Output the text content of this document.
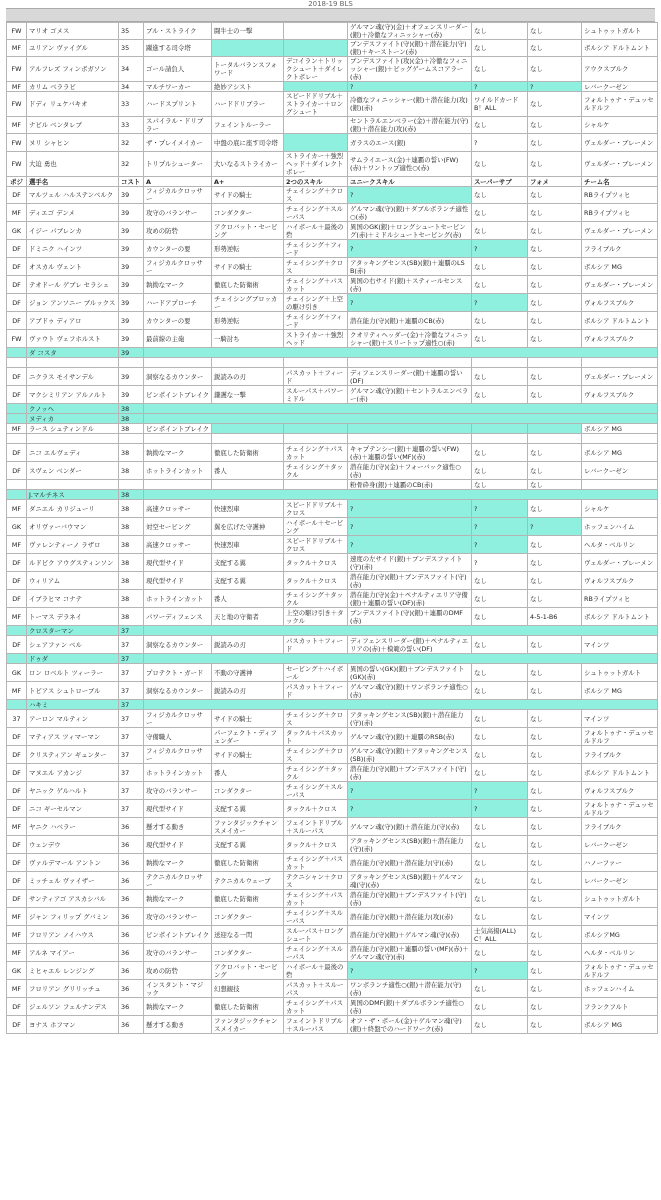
2018-19 BLS
FW	マリオ ゴメス	35	ブル・ストライク	闘牛士の一撃		ゲルマン魂(守)(金)＋オフェンスリーダー(銀)＋冷徹なフィニッシャー(赤)	なし	なし	シュトゥットガルト
MF	ユリアン ヴァイグル	35	躍進する司令塔			ブンデスファイト(守)(銀)＋潜在能力(守)(銀)＋キーストーン(赤)	なし	なし	ボルシア ドルトムント
FW	アルフレズ フィンボガソン	34	ゴール請負人	トータルバランスフォワード	デコイラン＋トリックシュート＋ダイレクトボレー	ブンデスファイト(攻)(金)＋冷徹なフィニッシャー(銀)＋ビッグゲームスコアラー(赤)	なし	なし	アウクスブルク
MF	カリム ベララビ	34	マルチワーカー	絶妙アシスト		?	?	?	レバークーゼン
FW	ドディ リュケバキオ	33	ハードスプリント	ハードドリブラー	スピードドリブル＋ストライカー＋ロングシュート	冷徹なフィニッシャー(銀)＋潜在能力(攻)(銀)(赤)	ワイルドカード B！ALL	なし	フォルトゥナ・デュッセルドルフ
MF	ナビル ベンタレブ	33	スパイラル・ドリブラー	フェイントルーラー		セントラルエンベラー(金)＋潜在能力(守)(銀)＋潜在能力(攻)(赤)	なし	なし	シャルケ
FW	ヌリ シャヒン	32	ザ・プレイメイカー	中盤の底に座す司令塔		ガラスのエース(銀)	?	なし	ヴェルダー・ブレーメン
FW	大迫 勇也	32	トリプルシューター	大いなるストライカー	ストライカー＋強烈ヘッド＋ダイレクトボレー	サムライエース(金)＋連覇の誓い(FW)(赤)＋ワントップ適性○(赤)	なし	なし	ヴェルダー・ブレーメン
ポジ	選手名	コスト	A	A+	2つのスキル	ユニークスキル	スーパーサブ	フォメ	チーム名
DF	マルツェル ハルステンベルク	39	フィジカルクロッサー	サイドの騎士	チェイシング＋クロス	?	なし	なし	RBライプツィヒ
MF	ディエゴ デンメ	39	攻守のバランサー	コンダクター	チェイシング＋スルーパス	ゲルマン魂(守)(銀)＋ダブルボランチ適性○(赤)	なし	なし	RBライプツィヒ
GK	イジー パブレンカ	39	攻めの防砦	アクロバット・セービング	ハイボール＋最後の砦	異国のGK(銀)＋ロングシュートセービング(赤)＋ミドルシュートセービング(赤)	なし	なし	ヴェルダー・ブレーメン
DF	ドミニク ハインツ	39	カウンターの要	形勢逆転	チェイシング＋フィード	?	?	なし	フライブルク
DF	オスカル ヴェント	39	フィジカルクロッサー	サイドの騎士	チェイシング＋クロス	アタッキングセンス(SB)(銀)＋連覇のLSB(赤)	なし	なし	ボルシア MG
DF	テオドール ゲブレ セラシェ	39	執拗なマーク	徹底した防衛術	チェイシング＋パスカット	異国の右サイド(銀)＋スティールセンス(赤)	なし	なし	ヴェルダー・ブレーメン
DF	ジョン アンソニー ブルックス	39	ハードアプローチ	チェイシングブロッカー	チェイシング＋上空の駆け引き	?	?	なし	ヴォルフスブルク
DF	アブドゥ ディアロ	39	カウンターの要	形勢逆転	チェイシング＋フィード	潜在能力(守)(銀)＋連覇のCB(赤)	なし	なし	ボルシア ドルトムント
FW	ヴァウト ヴェフホルスト	39	最前線の主砲	一騎討ち	ストライカー＋強烈ヘッド	クオリティヘッダー(金)＋冷徹なフィニッシャー(銀)＋スリートップ適性○(赤)	なし	なし	ヴォルフスブルク
	ダ コスタ	39							

DF	ニクラス モイサンデル	39	洞察なるカウンター	鋭読みの刃	パスカット＋フィード	ディフェンスリーダー(銀)＋連覇の誓い(DF)	なし	なし	ヴェルダー・ブレーメン
DF	マクシミリアン アルノルト	39	ピンポイントブレイク	鎌護な一撃	スルーパス＋パワーミドル	ゲルマン魂(守)(銀)＋セントラルエンベラー(赤)	なし	なし	ヴォルフスブルク
	クノッヘ	38							
	ヌディカ	38							
MF	ラース シュティンドル	38	ピンポイントブレイク						ボルシア MG

DF	ニコ エルヴェディ	38	執拗なマーク	徹底した防衛術	チェイシング＋パスカット	キャプテンシー(銀)＋連覇の誓い(FW)(赤)＋連覇の誓い(MF)(赤)	なし	なし	ボルシア MG
DF	スヴェン ベンダー	38	ホットラインカット	番人	チェイシング＋タックル	潜在能力(守)(金)＋フォーバック適性○(赤)	なし	なし	レバークーゼン
						粉骨砕身(銀)＋連覇のCB(赤)	なし	なし	
	J.マルチネス	38							
MF	ダニエル カリジューリ	38	高速クロッサー	快速烈車	スピードドリブル＋クロス	?	?	なし	シャルケ
GK	オリヴァーバウマン	38	対空セービング	翼を広げた守護神	ハイボール＋セービング	?	?	?	ホッフェンハイム
MF	ヴァレンティーノ ラザロ	38	高速クロッサー	快速烈車	スピードドリブル＋クロス	?	?	なし	ヘルタ・ベルリン
DF	ルドビク アウグスティンソン	38	現代型サイド	支配する翼	タックル＋クロス	速度の左サイド(銀)＋ブンデスファイト(守)(赤)	?	なし	ヴェルダー・ブレーメン
DF	ウィリアム	38	現代型サイド	支配する翼	タックル＋クロス	潜在能力(守)(銀)＋ブンデスファイト(守)(赤)	なし	なし	ヴォルフスブルク
DF	イブラヒマ コナテ	38	ホットラインカット	番人	チェイシング＋タックル	潜在能力(守)(金)＋ペナルティエリア守備(銀)＋連覇の誓い(DF)(赤)	なし	なし	RBライプツィヒ
MF	トーマス デラネイ	38	パワーディフェンス	天と地の守衛者	上空の駆け引き＋タックル	ブンデスファイト(守)(銀)＋連覇のDMF(赤)	なし	4-5-1-B6	ボルシア ドルトムント
	クロスターマン	37							
DF	シェアファン ベル	37	洞察なるカウンター	鋭読みの刃	パスカット＋フィード	ディフェンスリーダー(銀)＋ペナルティエリアの(赤)＋模範の誓い(DF)	なし	なし	マインツ
	ドゥダ	37							
GK	ロン ロベルト ツィーラー	37	プロテクト・ガード	不動の守護神	セービング＋ハイボール	異国の誓い(GK)(銀)＋ブンデスファイト(GK)(赤)	なし	なし	シュトゥットガルト
MF	トビアス シュトローブル	37	洞察なるカウンター	鋭読みの刃	パスカット＋フィード	ゲルマン魂(守)(銀)＋ワンボランチ適性○(赤)	なし	なし	ボルシア MG
	ハキミ	37							
37	アーロン マルティン	37	フィジカルクロッサー	サイドの騎士	チェイシング＋クロス	アタッキングセンス(SB)(銀)＋潜在能力(守)(赤)	なし	なし	マインツ
DF	マティアス ツィマーマン	37	守備職人	パーフェクト・ディフェンダー	タックル＋パスカット	ゲルマン魂(守)(銀)＋連覇のRSB(赤)	なし	なし	フォルトゥナ・デュッセルドルフ
DF	クリスティアン ギュンター	37	フィジカルクロッサー	サイドの騎士	チェイシング＋クロス	ゲルマン魂(守)(銀)＋アタッキングセンス(SB)(赤)	なし	なし	フライブルク
DF	マヌエル アカンジ	37	ホットラインカット	番人	チェイシング＋タックル	潜在能力(守)(銀)＋ブンデスファイト(守)(赤)	なし	なし	ボルシア ドルトムント
DF	ヤニック ゲルハルト	37	攻守のバランサー	コンダクター	チェイシング＋スルーパス	?	?	なし	ヴォルフスブルク
DF	ニコ ギーセルマン	37	現代型サイド	支配する翼	タックル＋クロス	?	?	なし	フォルトゥナ・デュッセルドルフ
MF	ヤニク ハベラー	36	懸才する動き	ファンタジックチャンスメイカー	フェイントドリブル＋スルーパス	ゲルマン魂(守)(銀)＋潜在能力(守)(赤)	なし	なし	フライブルク
DF	ウェンデウ	36	現代型サイド	支配する翼	タックル＋クロス	アタッキングセンス(SB)(銀)＋潜在能力(守)(赤)	なし	なし	レバークーゼン
DF	ヴァルデマール アントン	36	執拗なマーク	徹底した防衛術	チェイシング＋パスカット	潜在能力(守)(銀)＋潜在能力(守)(赤)	なし	なし	ハノーファー
DF	ミッチェル ヴァイザー	36	テクニカルクロッサー	テクニカルウェーブ	テクニシャン＋クロス	アタッキングセンス(SB)(銀)＋ゲルマン魂(守)(赤)	なし	なし	レバークーゼン
DF	サンティアゴ アスカシバル	36	執拗なマーク	徹底した防衛術	チェイシング＋パスカット	潜在能力(守)(銀)＋ブンデスファイト(守)(赤)	なし	なし	シュトゥットガルト
MF	ジャン フィリップ グバミン	36	攻守のバランサー	コンダクター	チェイシング＋スルーパス	潜在能力(守)(銀)＋潜在能力(攻)(赤)	なし	なし	マインツ
MF	フロリアン ノイハウス	36	ピンポイントブレイク	送迎なる一閃	スルーパス＋ロングシュート	潜在能力(守)(銀)＋ゲルマン魂(守)(赤)	士気高揚(ALL) C！ALL	なし	ボルシアMG
MF	アルネ マイアー	36	攻守のバランサー	コンダクター	チェイシング＋スルーパス	潜在能力(守)(銀)＋連覇の誓い(MF)(赤)＋ゲルマン魂(守)(赤)	なし	なし	ヘルタ・ベルリン
GK	ミヒャエル レンジング	36	攻めの防砦	アクロバット・セービング	ハイボール＋最後の砦	?	?	なし	フォルトゥナ・デュッセルドルフ
MF	フロリアン グリリッチュ	36	インスタント・マジック	幻想観技	パスカット＋スルーパス	ワンボランチ適性○(銀)＋潜在能力(守)(赤)	なし	なし	ホッフェンハイム
DF	ジェルソン フェルナンデス	36	執拗なマーク	徹底した防衛術	チェイシング＋パスカット	異国のDMF(銀)＋ダブルボランチ適性○(赤)	なし	なし	フランクフルト
DF	ヨナス ホフマン	36	懸才する動き	ファンタジックチャンスメイカー	フェイントドリブル＋スルーパス	オフ・ザ・ボール(金)＋ゲルマン魂(守)(銀)＋終盤でのハードワーク(赤)	なし	なし	ボルシア MG
